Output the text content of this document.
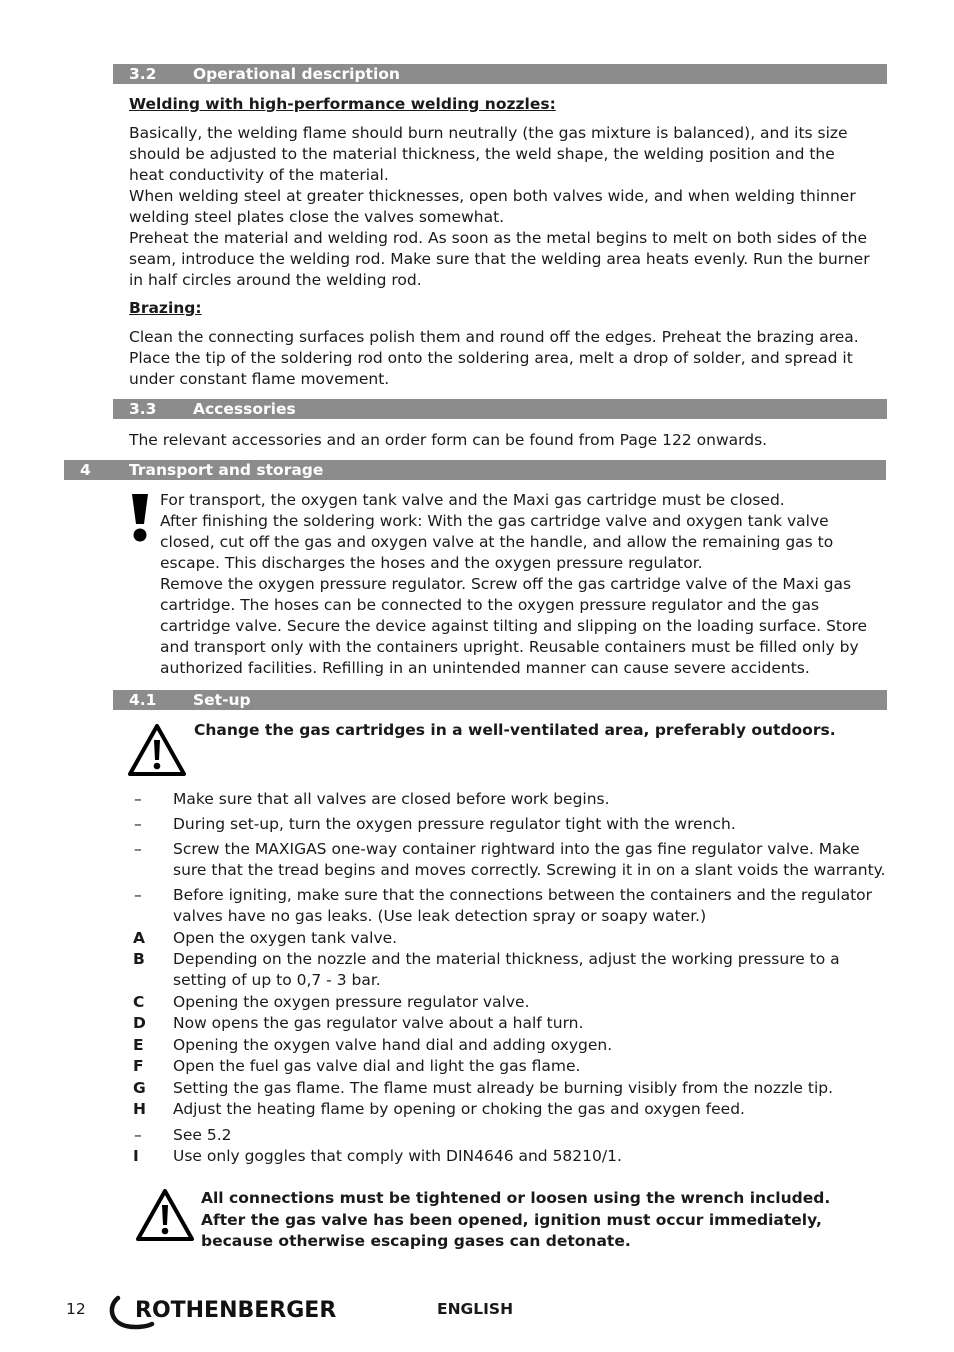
3.2 Operational description
Welding with high-performance welding nozzles:

Basically, the welding flame should burn neutrally (the gas mixture is balanced), and its size should be adjusted to the material thickness, the weld shape, the welding position and the heat conductivity of the material.

When welding steel at greater thicknesses, open both valves wide, and when welding thinner welding steel plates close the valves somewhat.

Preheat the material and welding rod. As soon as the metal begins to melt on both sides of the seam, introduce the welding rod. Make sure that the welding area heats evenly. Run the burner in half circles around the welding rod.

Brazing:

Clean the connecting surfaces polish them and round off the edges. Preheat the brazing area. Place the tip of the soldering rod onto the soldering area, melt a drop of solder, and spread it under constant flame movement.

3.3 Accessories
The relevant accessories and an order form can be found from Page 122 onwards.
4 Transport and storage

For transport, the oxygen tank valve and the Maxi gas cartridge must be closed.

After finishing the soldering work: With the gas cartridge valve and oxygen tank valve closed, cut off the gas and oxygen valve at the handle, and allow the remaining gas to escape. This discharges the hoses and the oxygen pressure regulator.

Remove the oxygen pressure regulator. Screw off the gas cartridge valve of the Maxi gas cartridge. The hoses can be connected to the oxygen pressure regulator and the gas cartridge valve. Secure the device against tilting and slipping on the loading surface. Store and transport only with the containers upright. Reusable containers must be filled only by authorized facilities. Refilling in an unintended manner can cause severe accidents.

4.1 Set-up
Change the gas cartridges in a well-ventilated area, preferably outdoors.
– Make sure that all valves are closed before work begins.
– During set-up, turn the oxygen pressure regulator tight with the wrench.
– Screw the MAXIGAS one-way container rightward into the gas fine regulator valve. Make sure that the tread begins and moves correctly. Screwing it in on a slant voids the warranty.
– Before igniting, make sure that the connections between the containers and the regulator valves have no gas leaks. (Use leak detection spray or soapy water.)
A Open the oxygen tank valve.
B Depending on the nozzle and the material thickness, adjust the working pressure to a setting of up to 0,7 - 3 bar.
C Opening the oxygen pressure regulator valve.
D Now opens the gas regulator valve about a half turn.
E Opening the oxygen valve hand dial and adding oxygen.
F Open the fuel gas valve dial and light the gas flame.
G Setting the gas flame. The flame must already be burning visibly from the nozzle tip.
H Adjust the heating flame by opening or choking the gas and oxygen feed.
– See 5.2
I Use only goggles that comply with DIN4646 and 58210/1.
All connections must be tightened or loosen using the wrench included.
After the gas valve has been opened, ignition must occur immediately, because otherwise escaping gases can detonate.
12 ROTHENBERGER	ENGLISH
